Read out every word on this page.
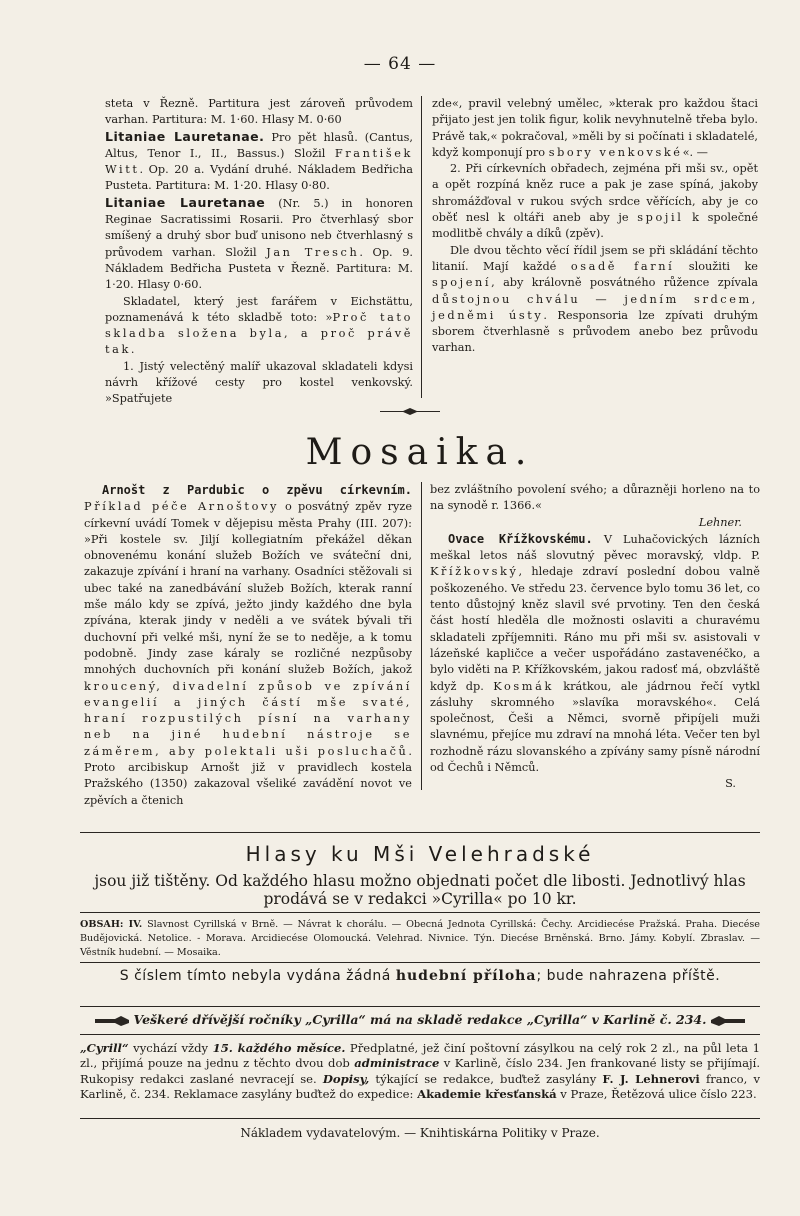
— 64 —

steta v Řezně. Partitura jest zároveň průvodem varhan. Partitura: M. 1·60. Hlasy M. 0·60

Litaniae Lauretanae. Pro pět hlasů. (Cantus, Altus, Tenor I., II., Bassus.) Složil František Witt. Op. 20 a. Vydání druhé. Nákladem Bedřicha Pusteta. Partitura: M. 1·20. Hlasy 0·80.

Litaniae Lauretanae (Nr. 5.) in honoren Reginae Sacratissimi Rosarii. Pro čtverhlasý sbor smíšený a druhý sbor buď unisono neb čtverhlasný s průvodem varhan. Složil Jan Tresch. Op. 9. Nákladem Bedřicha Pusteta v Řezně. Partitura: M. 1·20. Hlasy 0·60.

Skladatel, který jest farářem v Eichstättu, poznamenává k této skladbě toto: »Proč tato skladba složena byla, a proč právě tak.

1. Jistý velectěný malíř ukazoval skladateli kdysi návrh křížové cesty pro kostel venkovský. »Spatřujete

zde«, pravil velebný umělec, »kterak pro každou štaci přijato jest jen tolik figur, kolik nevyhnutelně třeba bylo. Právě tak,« pokračoval, »měli by si počínati i skladatelé, když komponují pro sbory venkovské«. —

2. Při církevních obřadech, zejména při mši sv., opět a opět rozpíná kněz ruce a pak je zase spíná, jakoby shromážďoval v rukou svých srdce věřících, aby je co oběť nesl k oltáři aneb aby je spojil k společné modlitbě chvály a díků (zpěv).

Dle dvou těchto věcí řídil jsem se při skládání těchto litanií. Mají každé osadě farní sloužiti ke spojení, aby královně posvátného růžence zpívala důstojnou chválu — jedním srdcem, jedněmi ústy. Responsoria lze zpívati druhým sborem čtverhlasně s průvodem anebo bez průvodu varhan.

Mosaika.

Arnošt z Pardubic o zpěvu církevním. Příklad péče Arnoštovy o posvátný zpěv ryze církevní uvádí Tomek v dějepisu města Prahy (III. 207): »Při kostele sv. Jiljí kollegiatním překážel děkan obnovenému konání služeb Božích ve sváteční dni, zakazuje zpívání i hraní na varhany. Osadníci stěžovali si ubec také na zanedbávání služeb Božích, kterak ranní mše málo kdy se zpívá, ježto jindy každého dne byla zpívána, kterak jindy v neděli a ve svátek bývali tři duchovní při velké mši, nyní že se to neděje, a k tomu podobně. Jindy zase káraly se rozličné nezpůsoby mnohých duchovních při konání služeb Božích, jakož kroucený, divadelní způsob ve zpívání evangelií a jiných částí mše svaté, hraní rozpustilých písní na varhany neb na jiné hudební nástroje se záměrem, aby polektali uši posluchačů. Proto arcibiskup Arnošt již v pravidlech kostela Pražského (1350) zakazoval všeliké zavádění novot ve zpěvích a čtenich

bez zvláštního povolení svého; a důrazněji horleno na to na synodě r. 1366.«

Lehner.

Ovace Křížkovskému. V Luhačovických lázních meškal letos náš slovutný pěvec moravský, vldp. P. Křížkovský, hledaje zdraví poslední dobou valně poškozeného. Ve středu 23. července bylo tomu 36 let, co tento důstojný kněz slavil své prvotiny. Ten den česká část hostí hleděla dle možnosti oslaviti a churavému skladateli zpříjemniti. Ráno mu při mši sv. asistovali v lázeňské kapličce a večer uspořádáno zastavenéčko, a bylo viděti na P. Křížkovském, jakou radosť má, obzvláště když dp. Kosmák krátkou, ale jádrnou řečí vytkl zásluhy skromného »slavíka moravského«. Celá společnost, Češi a Němci, svorně připíjeli muži slavnému, přejíce mu zdraví na mnohá léta. Večer ten byl rozhodně rázu slovanského a zpívány samy písně národní od Čechů i Němců.

S.

Hlasy ku Mši Velehradské
jsou již tištěny. Od každého hlasu možno objednati počet dle libosti. Jednotlivý hlas prodává se v redakci »Cyrilla« po 10 kr.
OBSAH: IV. Slavnost Cyrillská v Brně. — Návrat k chorálu. — Obecná Jednota Cyrillská: Čechy. Arcidiecése Pražská. Praha. Diecése Budějovická. Netolice. - Morava. Arcidiecése Olomoucká. Velehrad. Nivnice. Týn. Diecése Brněnská. Brno. Jámy. Kobylí. Zbraslav. — Věstník hudební. — Mosaika.
S číslem tímto nebyla vydána žádná hudební příloha; bude nahrazena příště.
Veškeré dřívější ročníky „Cyrilla“ má na skladě redakce „Cyrilla“ v Karlině č. 234.
„Cyrill“ vychází vždy 15. každého měsíce. Předplatné, jež činí poštovní zásylkou na celý rok 2 zl., na půl leta 1 zl., přijímá pouze na jednu z těchto dvou dob administrace v Karlině, číslo 234. Jen frankované listy se přijímají. Rukopisy redakci zaslané nevracejí se. Dopisy, týkající se redakce, buďtež zasylány F. J. Lehnerovi franco, v Karlině, č. 234. Reklamace zasylány buďtež do expedice: Akademie křesťanská v Praze, Řetězová ulice číslo 223.
Nákladem vydavatelovým. — Knihtiskárna Politiky v Praze.
